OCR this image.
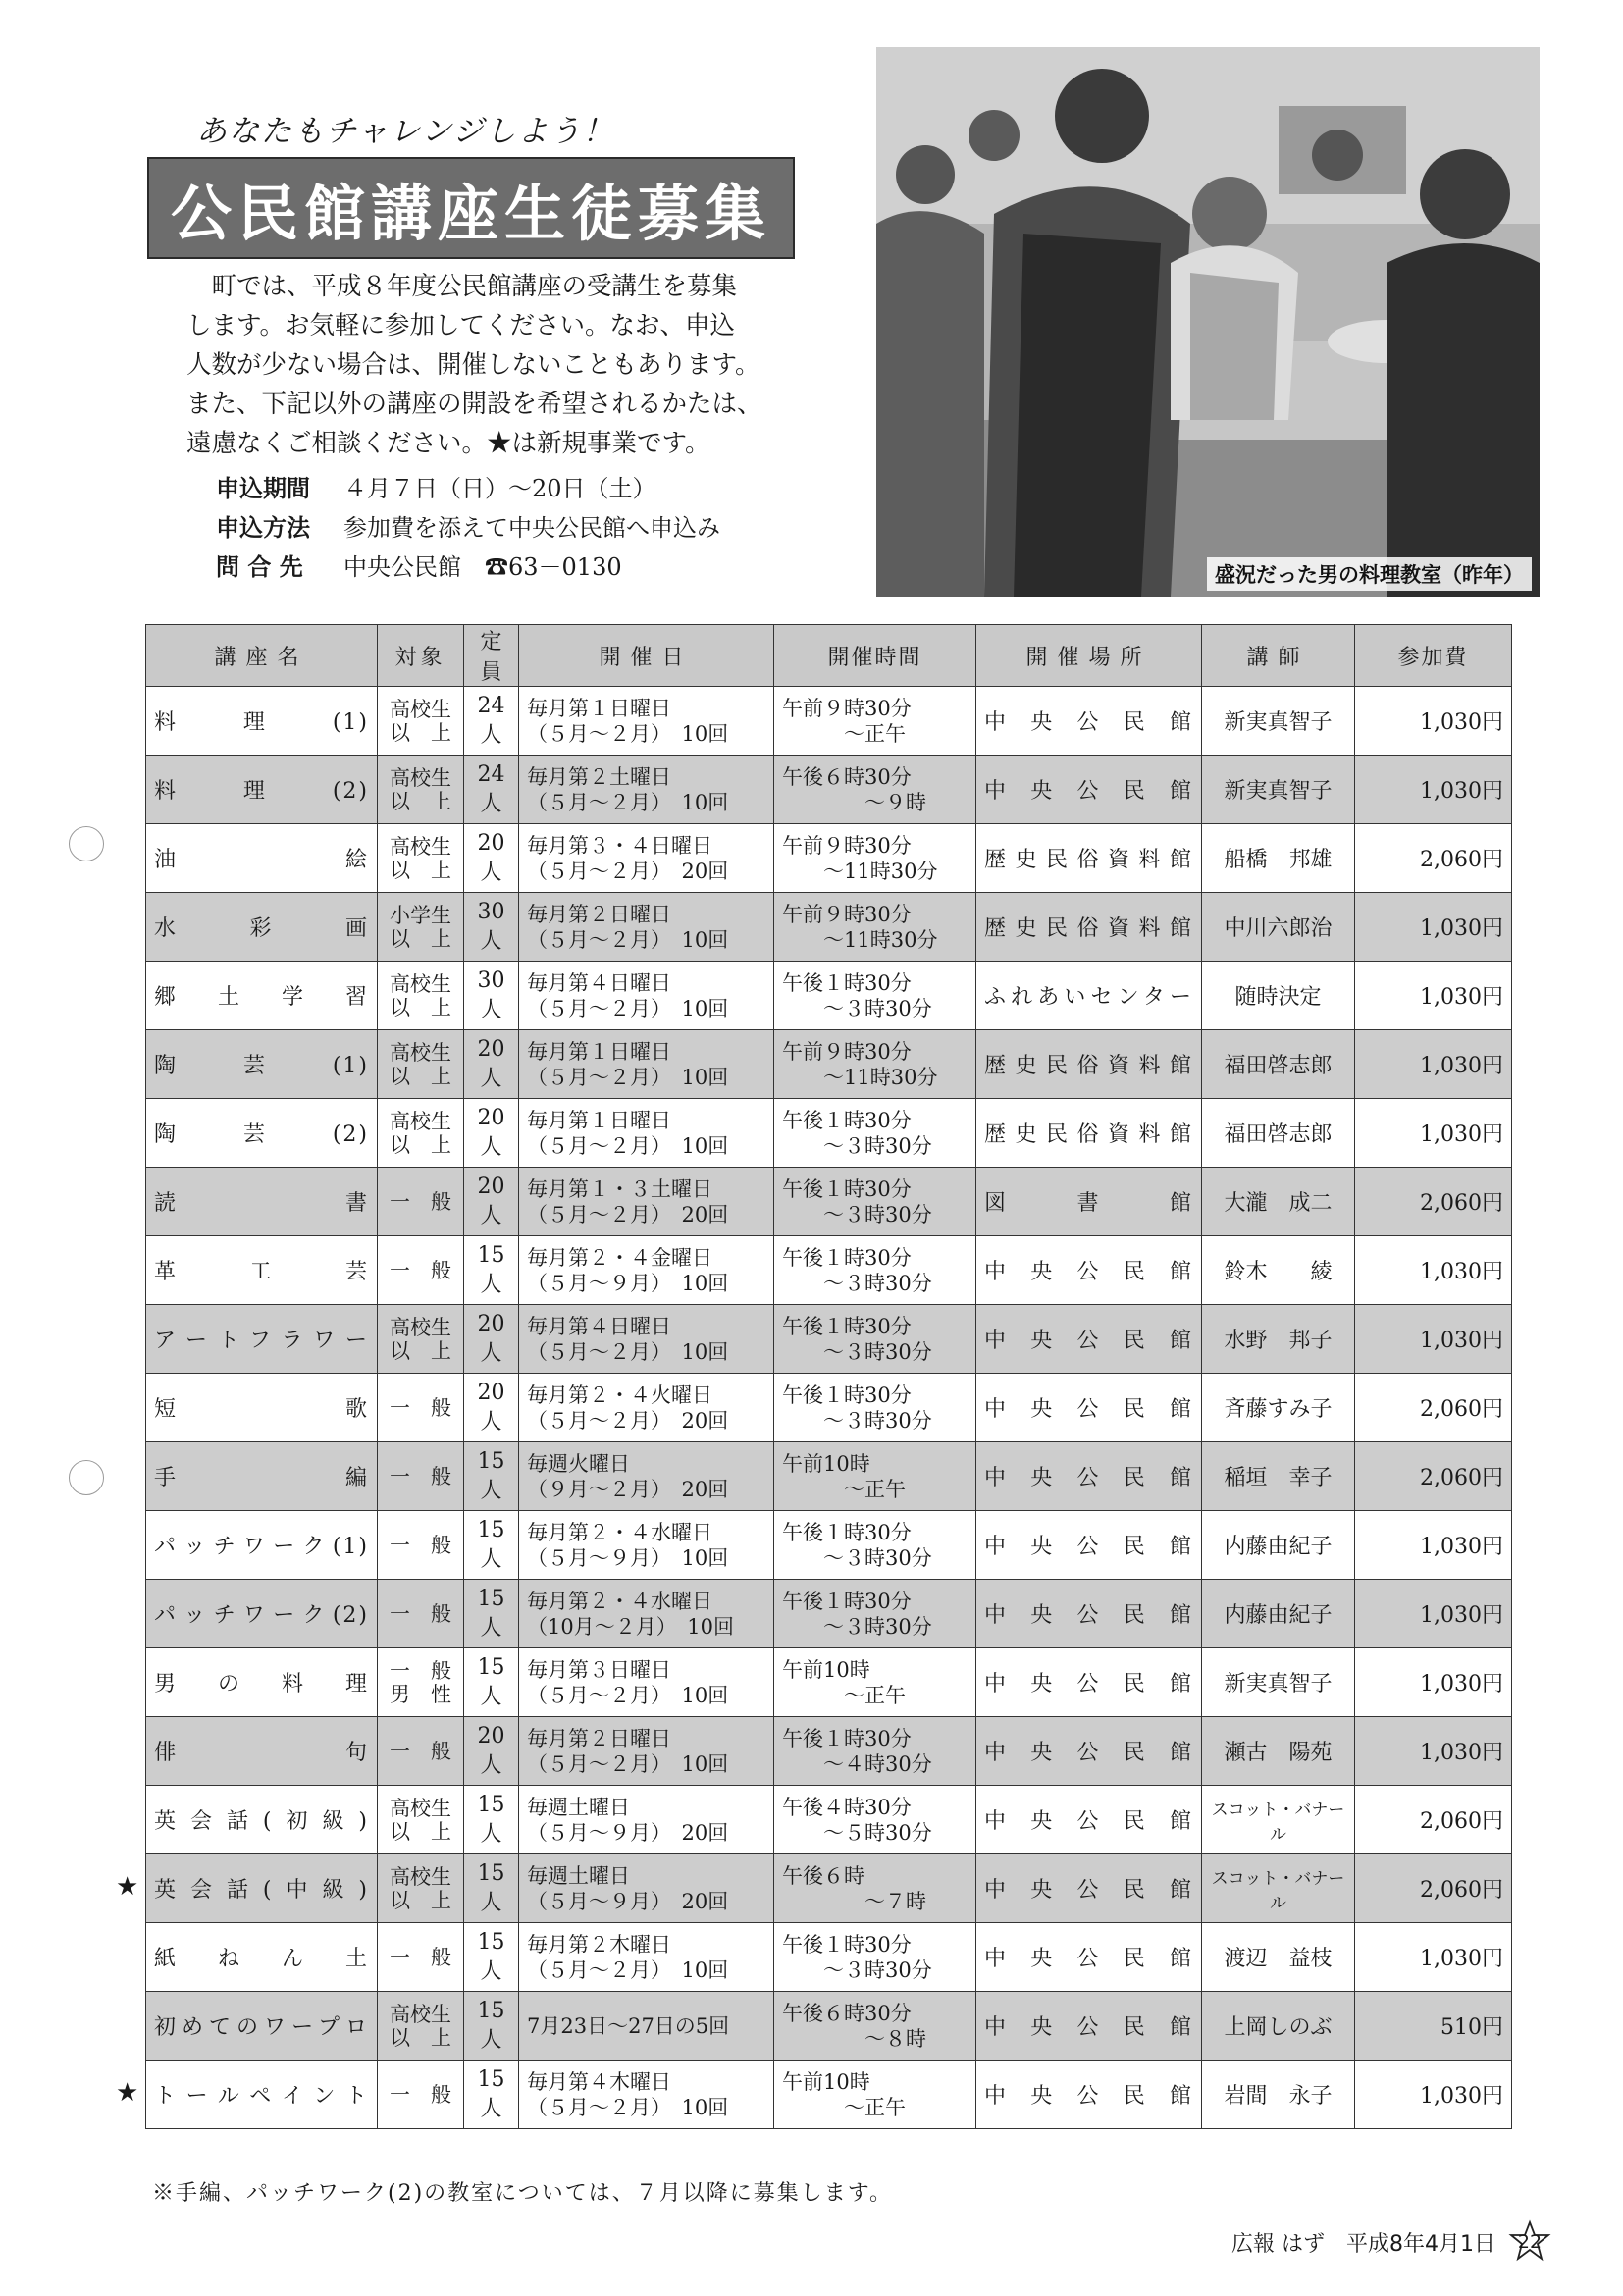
あなたもチャレンジしよう！
公民館講座生徒募集
　町では、平成８年度公民館講座の受講生を募集
します。お気軽に参加してください。なお、申込
人数が少ない場合は、開催しないこともあります。
また、下記以外の講座の開設を希望されるかたは、
遠慮なくご相談ください。★は新規事業です。
申込期間	４月７日（日）～20日（土）
申込方法	参加費を添えて中央公民館へ申込み
問 合 先	中央公民館　☎63－0130	盛況だった男の料理教室（昨年）
講座名	対象	定員	開催日	開催時間	開催場所	講師	参加費
料理(1)	高校生
以　上	24人	毎月第１日曜日
（５月～２月）　10回	午前９時30分
　　　～正午	中央公民館	新実真智子	1,030円
料理(2)	高校生
以　上	24人	毎月第２土曜日
（５月～２月）　10回	午後６時30分
　　　　～９時	中央公民館	新実真智子	1,030円
油絵	高校生
以　上	20人	毎月第３・４日曜日
（５月～２月）　20回	午前９時30分
　　～11時30分	歴史民俗資料館	船橋　邦雄	2,060円
水彩画	小学生
以　上	30人	毎月第２日曜日
（５月～２月）　10回	午前９時30分
　　～11時30分	歴史民俗資料館	中川六郎治	1,030円
郷土学習	高校生
以　上	30人	毎月第４日曜日
（５月～２月）　10回	午後１時30分
　　～３時30分	ふれあいセンター	随時決定	1,030円
陶芸(1)	高校生
以　上	20人	毎月第１日曜日
（５月～２月）　10回	午前９時30分
　　～11時30分	歴史民俗資料館	福田啓志郎	1,030円
陶芸(2)	高校生
以　上	20人	毎月第１日曜日
（５月～２月）　10回	午後１時30分
　　～３時30分	歴史民俗資料館	福田啓志郎	1,030円
読書	一　般	20人	毎月第１・３土曜日
（５月～２月）　20回	午後１時30分
　　～３時30分	図書館	大瀧　成二	2,060円
革工芸	一　般	15人	毎月第２・４金曜日
（５月～９月）　10回	午後１時30分
　　～３時30分	中央公民館	鈴木　　綾	1,030円
アートフラワー	高校生
以　上	20人	毎月第４日曜日
（５月～２月）　10回	午後１時30分
　　～３時30分	中央公民館	水野　邦子	1,030円
短歌	一　般	20人	毎月第２・４火曜日
（５月～２月）　20回	午後１時30分
　　～３時30分	中央公民館	斉藤すみ子	2,060円
手編	一　般	15人	毎週火曜日
（９月～２月）　20回	午前10時
　　　～正午	中央公民館	稲垣　幸子	2,060円
パッチワーク(1)	一　般	15人	毎月第２・４水曜日
（５月～９月）　10回	午後１時30分
　　～３時30分	中央公民館	内藤由紀子	1,030円
パッチワーク(2)	一　般	15人	毎月第２・４水曜日
（10月～２月）　10回	午後１時30分
　　～３時30分	中央公民館	内藤由紀子	1,030円
男の料理	一　般
男　性	15人	毎月第３日曜日
（５月～２月）　10回	午前10時
　　　～正午	中央公民館	新実真智子	1,030円
俳句	一　般	20人	毎月第２日曜日
（５月～２月）　10回	午後１時30分
　　～４時30分	中央公民館	瀬古　陽苑	1,030円
英会話(初級)	高校生
以　上	15人	毎週土曜日
（５月～９月）　20回	午後４時30分
　　～５時30分	中央公民館	スコット・バナール	2,060円
英会話(中級)	高校生
以　上	15人	毎週土曜日
（５月～９月）　20回	午後６時
　　　　～７時	中央公民館	スコット・バナール	2,060円
紙ねん土	一　般	15人	毎月第２木曜日
（５月～２月）　10回	午後１時30分
　　～３時30分	中央公民館	渡辺　益枝	1,030円
初めてのワープロ	高校生
以　上	15人	7月23日～27日の5回	午後６時30分
　　　　～８時	中央公民館	上岡しのぶ	510円
トールペイント	一　般	15人	毎月第４木曜日
（５月～２月）　10回	午前10時
　　　～正午	中央公民館	岩間　永子	1,030円
★
★
※手編、パッチワーク(2)の教室については、７月以降に募集します。
広報 はず　平成8年4月1日 22
